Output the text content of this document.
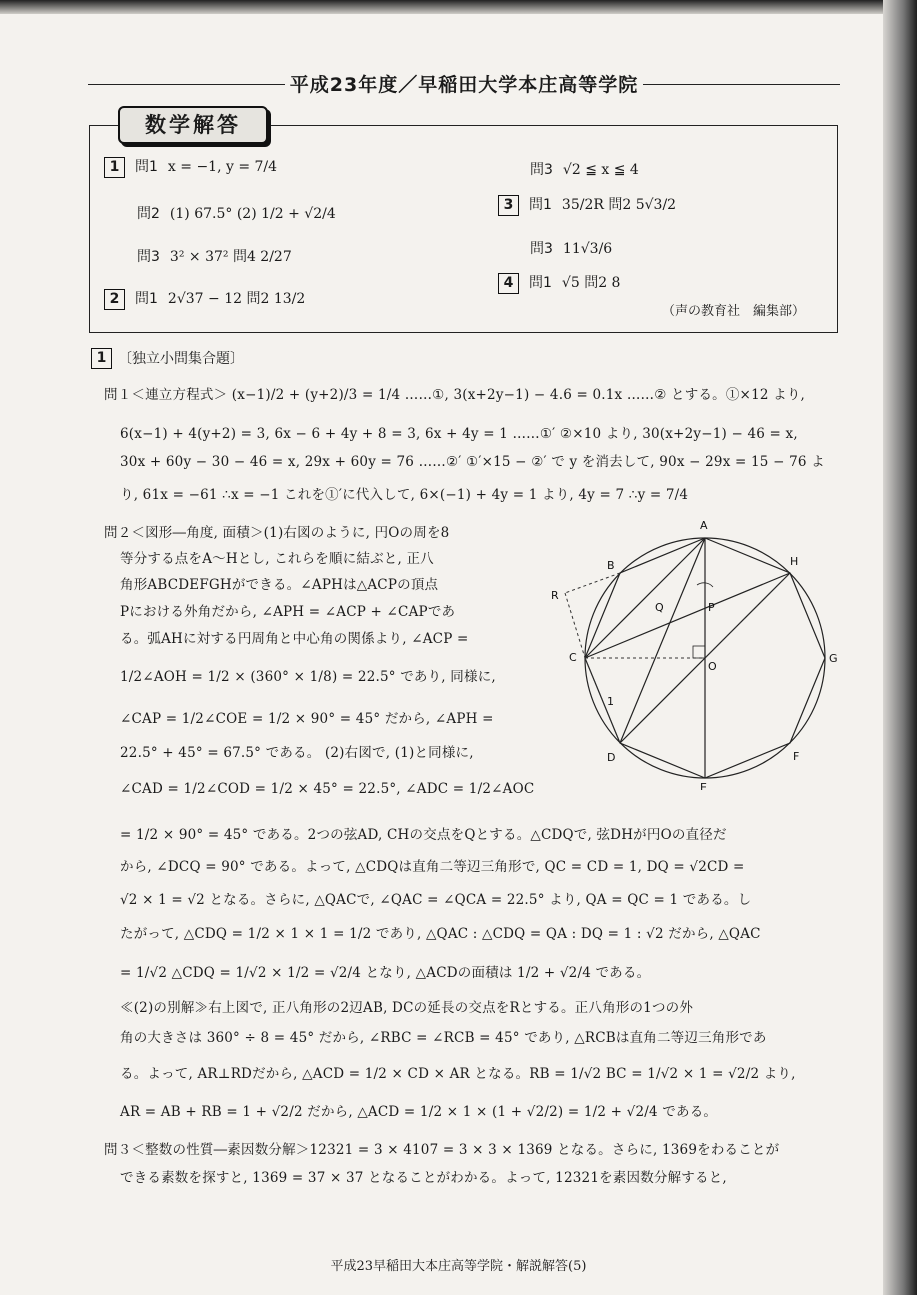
平成23年度／早稲田大学本庄高等学院
数学解答
1 問1 x = −1, y = 7/4
問2 (1) 67.5° (2) 1/2 + √2/4
問3 3² × 37² 問4 2/27
2 問1 2√37 − 12 問2 13/2
問3 √2 ≦ x ≦ 4
3 問1 35/2R 問2 5√3/2
問3 11√3/6
4 問1 √5 問2 8
（声の教育社　編集部）
1 〔独立小問集合題〕
問１＜連立方程式＞ (x−1)/2 + (y+2)/3 = 1/4 ……①, 3(x+2y−1) − 4.6 = 0.1x ……② とする。①×12 より,
6(x−1) + 4(y+2) = 3, 6x − 6 + 4y + 8 = 3, 6x + 4y = 1 ……①′ ②×10 より, 30(x+2y−1) − 46 = x,
30x + 60y − 30 − 46 = x, 29x + 60y = 76 ……②′ ①′×15 − ②′ で y を消去して, 90x − 29x = 15 − 76 よ
り, 61x = −61 ∴x = −1 これを①′に代入して, 6×(−1) + 4y = 1 より, 4y = 7 ∴y = 7/4
問２＜図形―角度, 面積＞(1)右図のように, 円Oの周を8
等分する点をA～Hとし, これらを順に結ぶと, 正八
角形ABCDEFGHができる。∠APHは△ACPの頂点
Pにおける外角だから, ∠APH = ∠ACP + ∠CAPであ
る。弧AHに対する円周角と中心角の関係より, ∠ACP =
1/2∠AOH = 1/2 × (360° × 1/8) = 22.5° であり, 同様に,
∠CAP = 1/2∠COE = 1/2 × 90° = 45° だから, ∠APH =
22.5° + 45° = 67.5° である。 (2)右図で, (1)と同様に,
∠CAD = 1/2∠COD = 1/2 × 45° = 22.5°, ∠ADC = 1/2∠AOC
= 1/2 × 90° = 45° である。2つの弦AD, CHの交点をQとする。△CDQで, 弦DHが円Oの直径だ
から, ∠DCQ = 90° である。よって, △CDQは直角二等辺三角形で, QC = CD = 1, DQ = √2CD =
√2 × 1 = √2 となる。さらに, △QACで, ∠QAC = ∠QCA = 22.5° より, QA = QC = 1 である。し
たがって, △CDQ = 1/2 × 1 × 1 = 1/2 であり, △QAC : △CDQ = QA : DQ = 1 : √2 だから, △QAC
= 1/√2 △CDQ = 1/√2 × 1/2 = √2/4 となり, △ACDの面積は 1/2 + √2/4 である。
≪(2)の別解≫右上図で, 正八角形の2辺AB, DCの延長の交点をRとする。正八角形の1つの外
角の大きさは 360° ÷ 8 = 45° だから, ∠RBC = ∠RCB = 45° であり, △RCBは直角二等辺三角形であ
る。よって, AR⊥RDだから, △ACD = 1/2 × CD × AR となる。RB = 1/√2 BC = 1/√2 × 1 = √2/2 より,
AR = AB + RB = 1 + √2/2 だから, △ACD = 1/2 × 1 × (1 + √2/2) = 1/2 + √2/4 である。
問３＜整数の性質―素因数分解＞12321 = 3 × 4107 = 3 × 3 × 1369 となる。さらに, 1369をわることが
できる素数を探すと, 1369 = 37 × 37 となることがわかる。よって, 12321を素因数分解すると,
A
B
C
D
E
F
G
H
O
P
Q
R
1
平成23早稲田大本庄高等学院・解説解答(5)
